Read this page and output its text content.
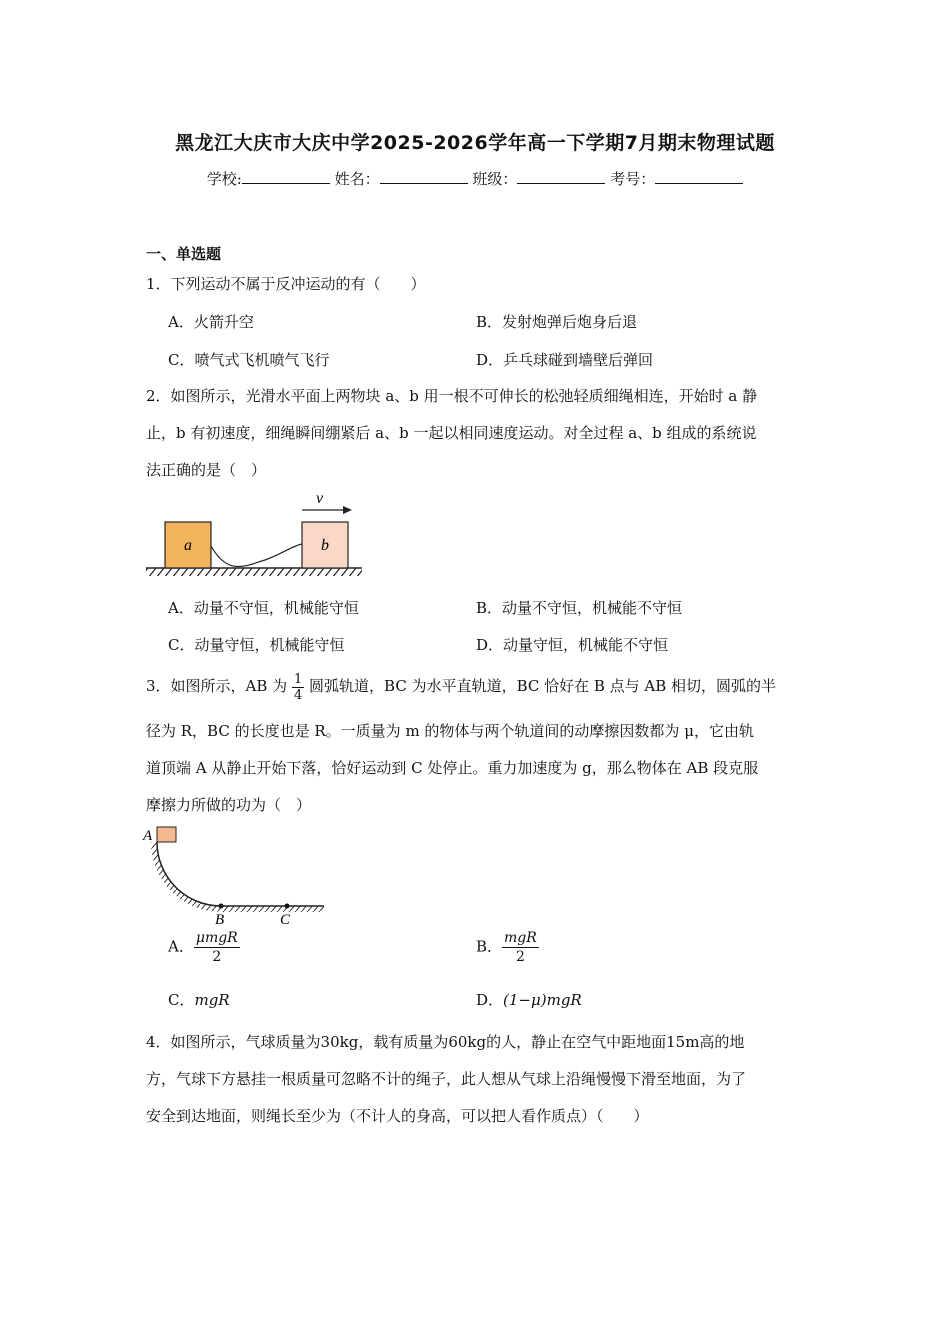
黑龙江大庆市大庆中学2025-2026学年高一下学期7月期末物理试题
学校:	姓名：	班级：	考号：
一、单选题
1．下列运动不属于反冲运动的有（　　）
A．火箭升空	B．发射炮弹后炮身后退
C．喷气式飞机喷气飞行	D．乒乓球碰到墙壁后弹回
2．如图所示，光滑水平面上两物块 a、b 用一根不可伸长的松弛轻质细绳相连，开始时 a 静
止，b 有初速度，细绳瞬间绷紧后 a、b 一起以相同速度运动。对全过程 a、b 组成的系统说
法正确的是（　）
a	b
v
A．动量不守恒，机械能守恒	B．动量不守恒，机械能不守恒
C．动量守恒，机械能守恒	D．动量守恒，机械能不守恒
3．如图所示，AB 为 $\frac{1}{4}$ 圆弧轨道，BC 为水平直轨道，BC 恰好在 B 点与 AB 相切，圆弧的半
径为 R，BC 的长度也是 R。一质量为 m 的物体与两个轨道间的动摩擦因数都为 μ，它由轨
道顶端 A 从静止开始下落，恰好运动到 C 处停止。重力加速度为 g，那么物体在 AB 段克服
摩擦力所做的功为（　）
A
B	C
A． $\frac{\text{μmgR}}{2}$	B． $\frac{\text{mgR}}{2}$
C．mgR	D．(1−μ)mgR
4．如图所示，气球质量为30kg，载有质量为60kg的人，静止在空气中距地面15m高的地
方，气球下方悬挂一根质量可忽略不计的绳子，此人想从气球上沿绳慢慢下滑至地面，为了
安全到达地面，则绳长至少为（不计人的身高，可以把人看作质点）（　　）
